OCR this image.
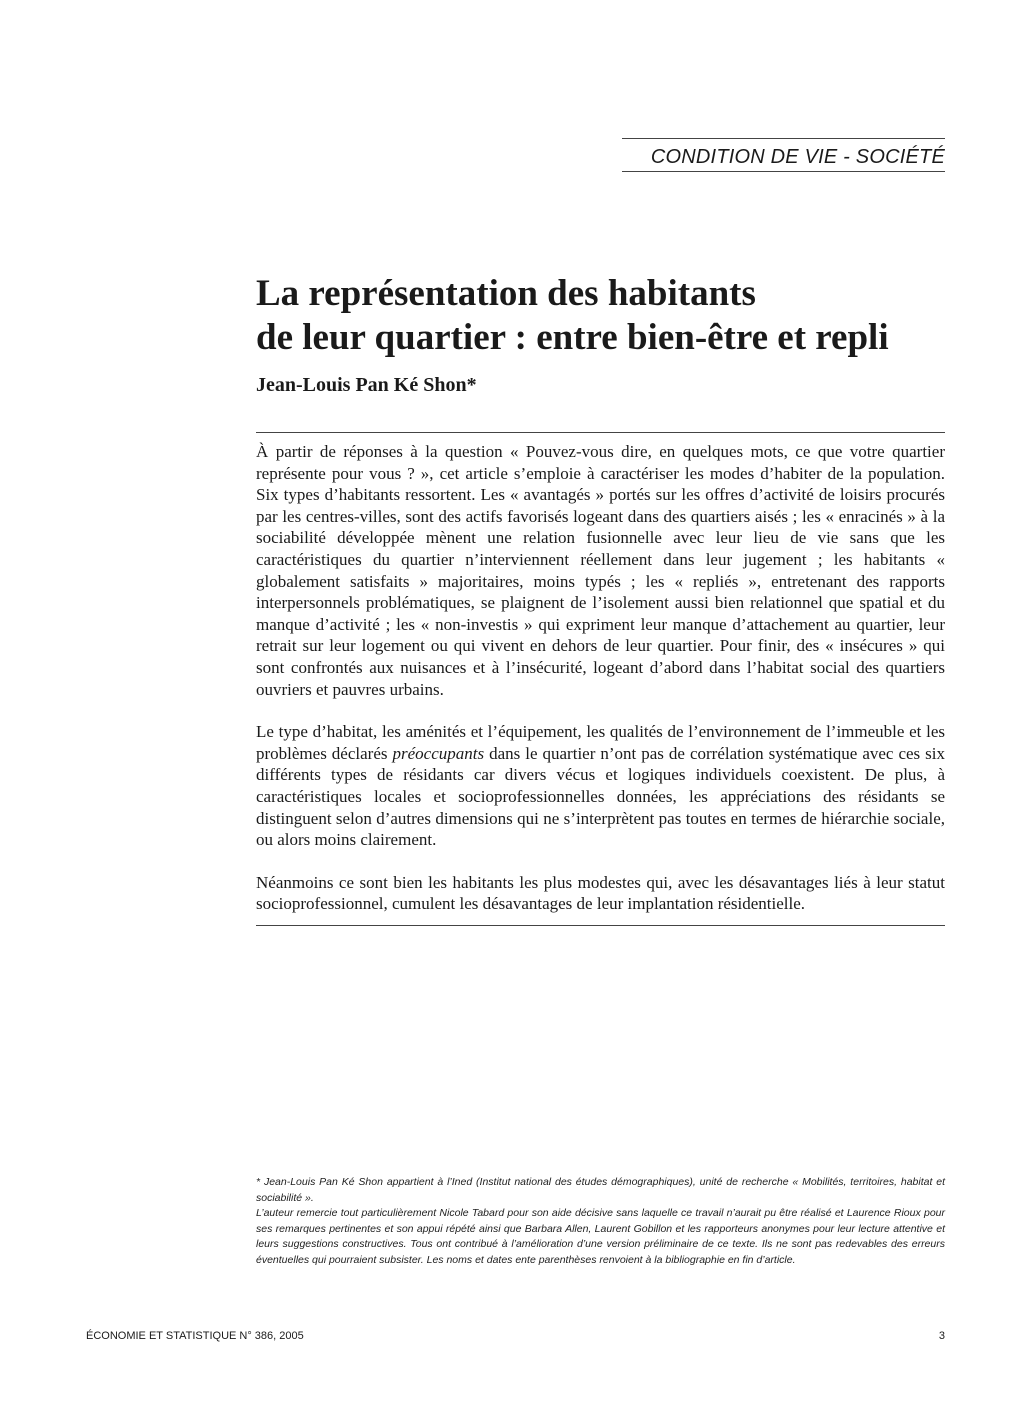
CONDITION DE VIE - SOCIÉTÉ
La représentation des habitants
de leur quartier : entre bien-être et repli
Jean-Louis Pan Ké Shon*

À partir de réponses à la question « Pouvez-vous dire, en quelques mots, ce que votre quartier représente pour vous ? », cet article s’emploie à caractériser les modes d’habiter de la population. Six types d’habitants ressortent. Les « avantagés » portés sur les offres d’activité de loisirs procurés par les centres-villes, sont des actifs favorisés logeant dans des quartiers aisés ; les « enracinés » à la sociabilité développée mènent une relation fusionnelle avec leur lieu de vie sans que les caractéristiques du quartier n’interviennent réellement dans leur jugement ; les habitants « globalement satisfaits » majoritaires, moins typés ; les « repliés », entretenant des rapports interpersonnels problématiques, se plaignent de l’isolement aussi bien relationnel que spatial et du manque d’activité ; les « non-investis » qui expriment leur manque d’attachement au quartier, leur retrait sur leur logement ou qui vivent en dehors de leur quartier. Pour finir, des « insécures » qui sont confrontés aux nuisances et à l’insécurité, logeant d’abord dans l’habitat social des quartiers ouvriers et pauvres urbains.

Le type d’habitat, les aménités et l’équipement, les qualités de l’environnement de l’immeuble et les problèmes déclarés préoccupants dans le quartier n’ont pas de corrélation systématique avec ces six différents types de résidants car divers vécus et logiques individuels coexistent. De plus, à caractéristiques locales et socioprofessionnelles données, les appréciations des résidants se distinguent selon d’autres dimensions qui ne s’interprètent pas toutes en termes de hiérarchie sociale, ou alors moins clairement.

Néanmoins ce sont bien les habitants les plus modestes qui, avec les désavantages liés à leur statut socioprofessionnel, cumulent les désavantages de leur implantation résidentielle.

* Jean-Louis Pan Ké Shon appartient à l’Ined (Institut national des études démographiques), unité de recherche « Mobilités, territoires, habitat et sociabilité ».

L’auteur remercie tout particulièrement Nicole Tabard pour son aide décisive sans laquelle ce travail n’aurait pu être réalisé et Laurence Rioux pour ses remarques pertinentes et son appui répété ainsi que Barbara Allen, Laurent Gobillon et les rapporteurs anonymes pour leur lecture attentive et leurs suggestions constructives. Tous ont contribué à l’amélioration d’une version préliminaire de ce texte. Ils ne sont pas redevables des erreurs éventuelles qui pourraient subsister. Les noms et dates ente parenthèses renvoient à la bibliographie en fin d’article.

ÉCONOMIE ET STATISTIQUE N° 386, 2005	3
